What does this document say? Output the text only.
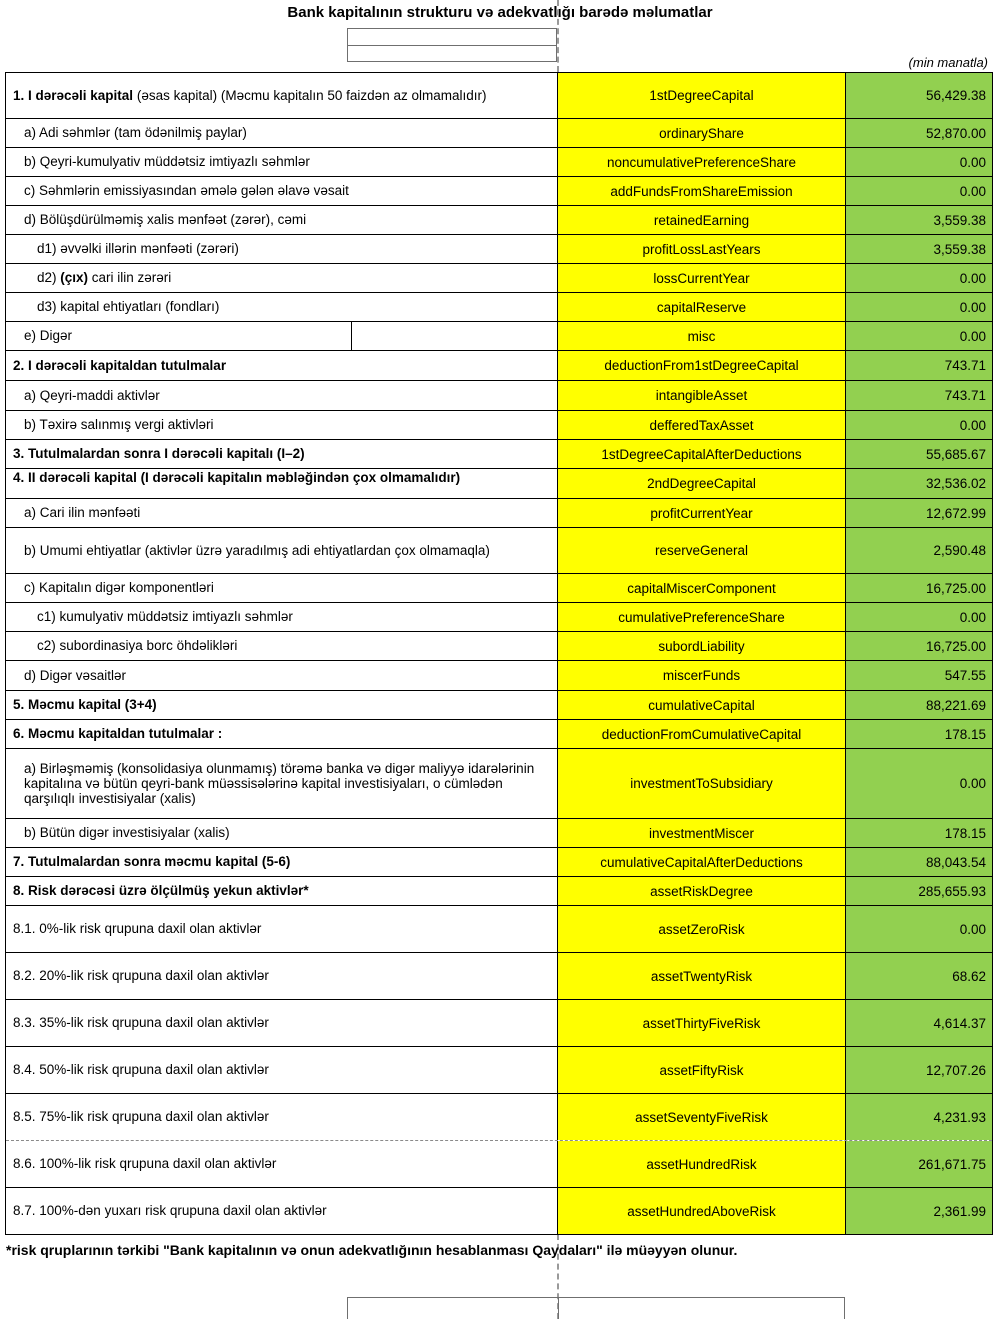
Bank kapitalının strukturu və adekvatlığı barədə məlumatlar
(min manatla)
1. I dərəcəli kapital (əsas kapital) (Məcmu kapitalın 50 faizdən az olmamalıdır)	1stDegreeCapital	56,429.38
a) Adi səhmlər (tam ödənilmiş paylar)	ordinaryShare	52,870.00
b) Qeyri-kumulyativ müddətsiz imtiyazlı səhmlər	noncumulativePreferenceShare	0.00
c) Səhmlərin emissiyasından əmələ gələn əlavə vəsait	addFundsFromShareEmission	0.00
d) Bölüşdürülməmiş xalis mənfəət (zərər), cəmi	retainedEarning	3,559.38
d1) əvvəlki illərin mənfəəti (zərəri)	profitLossLastYears	3,559.38
d2) (çıx) cari ilin zərəri	lossCurrentYear	0.00
d3) kapital ehtiyatları (fondları)	capitalReserve	0.00
e) Digər	misc	0.00
2. I dərəcəli kapitaldan tutulmalar	deductionFrom1stDegreeCapital	743.71
a) Qeyri-maddi aktivlər	intangibleAsset	743.71
b) Təxirə salınmış vergi aktivləri	defferedTaxAsset	0.00
3. Tutulmalardan sonra I dərəcəli kapitalı (I–2)	1stDegreeCapitalAfterDeductions	55,685.67
4. II dərəcəli kapital (I dərəcəli kapitalın məbləğindən çox olmamalıdır)	2ndDegreeCapital	32,536.02
a) Cari ilin mənfəəti	profitCurrentYear	12,672.99
b) Umumi ehtiyatlar (aktivlər üzrə yaradılmış adi ehtiyatlardan çox olmamaqla)	reserveGeneral	2,590.48
c) Kapitalın digər komponentləri	capitalMiscerComponent	16,725.00
c1) kumulyativ müddətsiz imtiyazlı səhmlər	cumulativePreferenceShare	0.00
c2) subordinasiya borc öhdəlikləri	subordLiability	16,725.00
d) Digər vəsaitlər	miscerFunds	547.55
5. Məcmu kapital (3+4)	cumulativeCapital	88,221.69
6. Məcmu kapitaldan tutulmalar :	deductionFromCumulativeCapital	178.15
a) Birləşməmiş (konsolidasiya olunmamış) törəmə banka və digər maliyyə idarələrinin kapitalına və bütün qeyri-bank müəssisələrinə kapital investisiyaları, o cümlədən qarşılıqlı investisiyalar (xalis)
investmentToSubsidiary	0.00
b) Bütün digər investisiyalar (xalis)	investmentMiscer	178.15
7. Tutulmalardan sonra məcmu kapital (5-6)	cumulativeCapitalAfterDeductions	88,043.54
8. Risk dərəcəsi üzrə ölçülmüş yekun aktivlər*	assetRiskDegree	285,655.93
8.1. 0%-lik risk qrupuna daxil olan aktivlər	assetZeroRisk	0.00
8.2. 20%-lik risk qrupuna daxil olan aktivlər	assetTwentyRisk	68.62
8.3. 35%-lik risk qrupuna daxil olan aktivlər	assetThirtyFiveRisk	4,614.37
8.4. 50%-lik risk qrupuna daxil olan aktivlər	assetFiftyRisk	12,707.26
8.5. 75%-lik risk qrupuna daxil olan aktivlər	assetSeventyFiveRisk	4,231.93
8.6. 100%-lik risk qrupuna daxil olan aktivlər	assetHundredRisk	261,671.75
8.7. 100%-dən yuxarı risk qrupuna daxil olan aktivlər	assetHundredAboveRisk	2,361.99
*risk qruplarının tərkibi "Bank kapitalının və onun adekvatlığının hesablanması Qaydaları" ilə müəyyən olunur.
